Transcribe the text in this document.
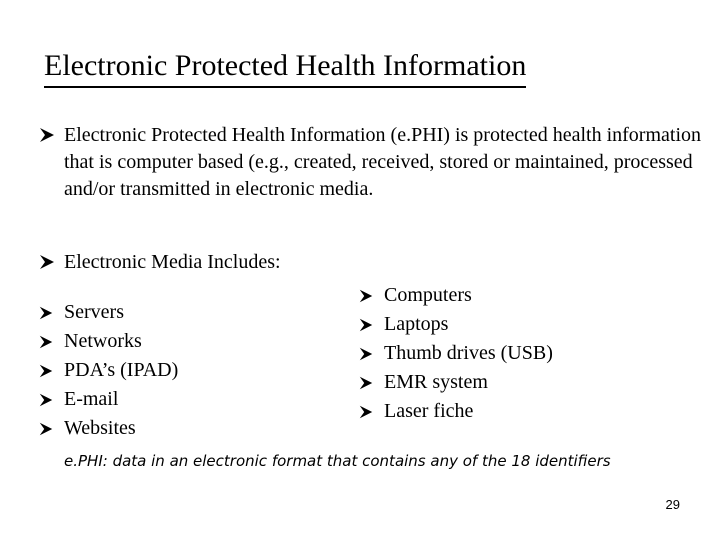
Electronic Protected Health Information
Electronic Protected Health Information (e.PHI) is protected health information that is computer based (e.g., created, received, stored or maintained, processed and/or transmitted in electronic media.
Electronic Media Includes:
Servers
Networks
PDA’s (IPAD)
E-mail
Websites
Computers
Laptops
Thumb drives (USB)
EMR system
Laser fiche
e.PHI: data in an electronic format that contains any of the 18 identifiers
29
